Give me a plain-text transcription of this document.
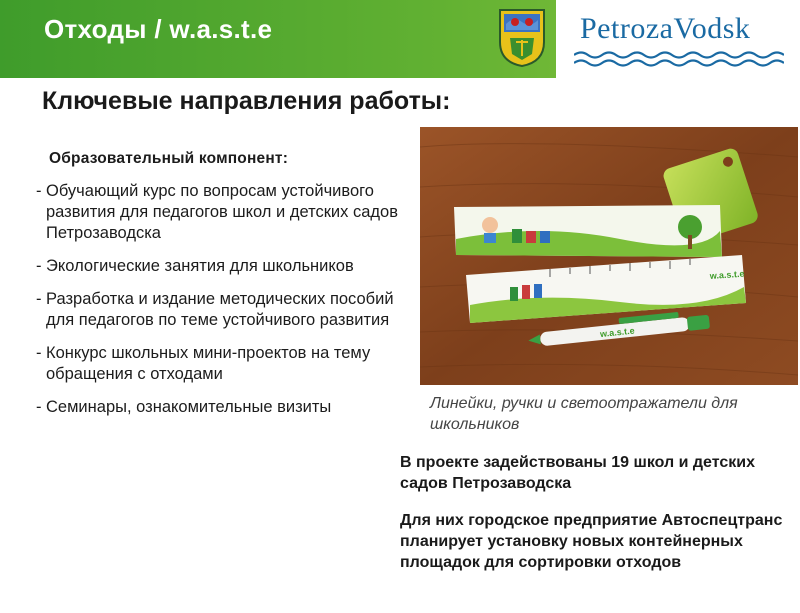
Отходы / w.a.s.t.e	PetrozaVodsk
Ключевые направления работы:
Образовательный компонент:
- Обучающий курс по вопросам устойчивого развития для педагогов школ и детских садов Петрозаводска
- Экологические занятия для школьников
- Разработка и издание методических пособий для педагогов по теме устойчивого развития
- Конкурс школьных мини-проектов на тему обращения с отходами
- Семинары, ознакомительные визиты
w.a.s.t.e
w.a.s.t.e
Линейки, ручки и светоотражатели для школьников
В проекте задействованы 19 школ и детских садов Петрозаводска
Для них городское предприятие Автоспецтранс планирует установку новых контейнерных площадок для сортировки отходов
